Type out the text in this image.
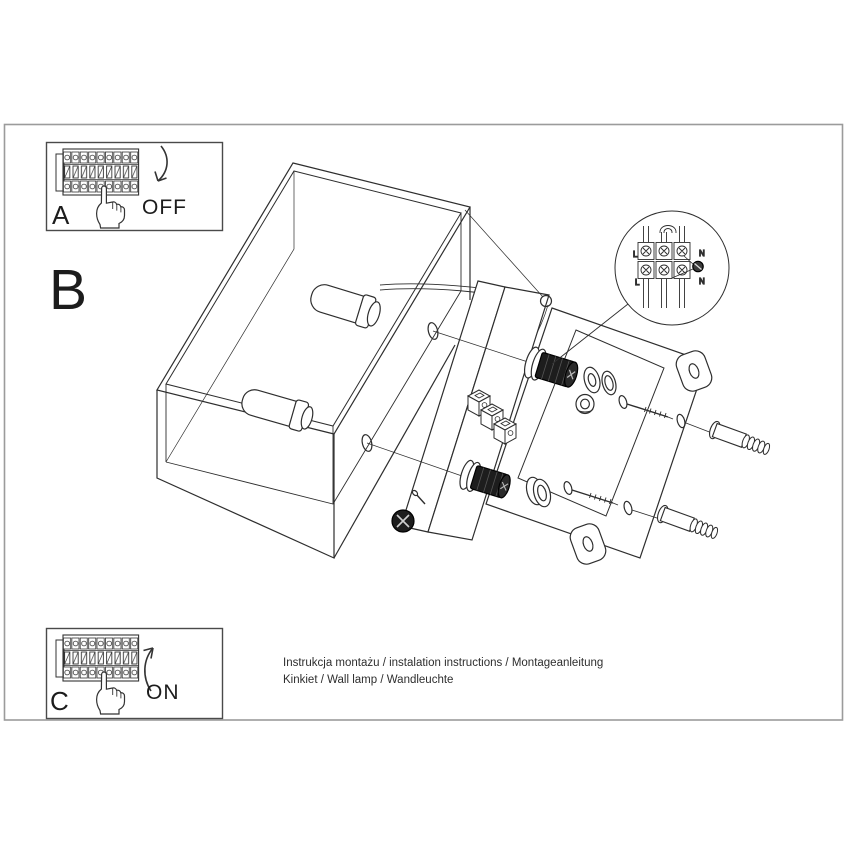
A	OFF
B
L	N
L	N
C	ON
Instrukcja montażu / instalation instructions / Montageanleitung
Kinkiet / Wall lamp / Wandleuchte
